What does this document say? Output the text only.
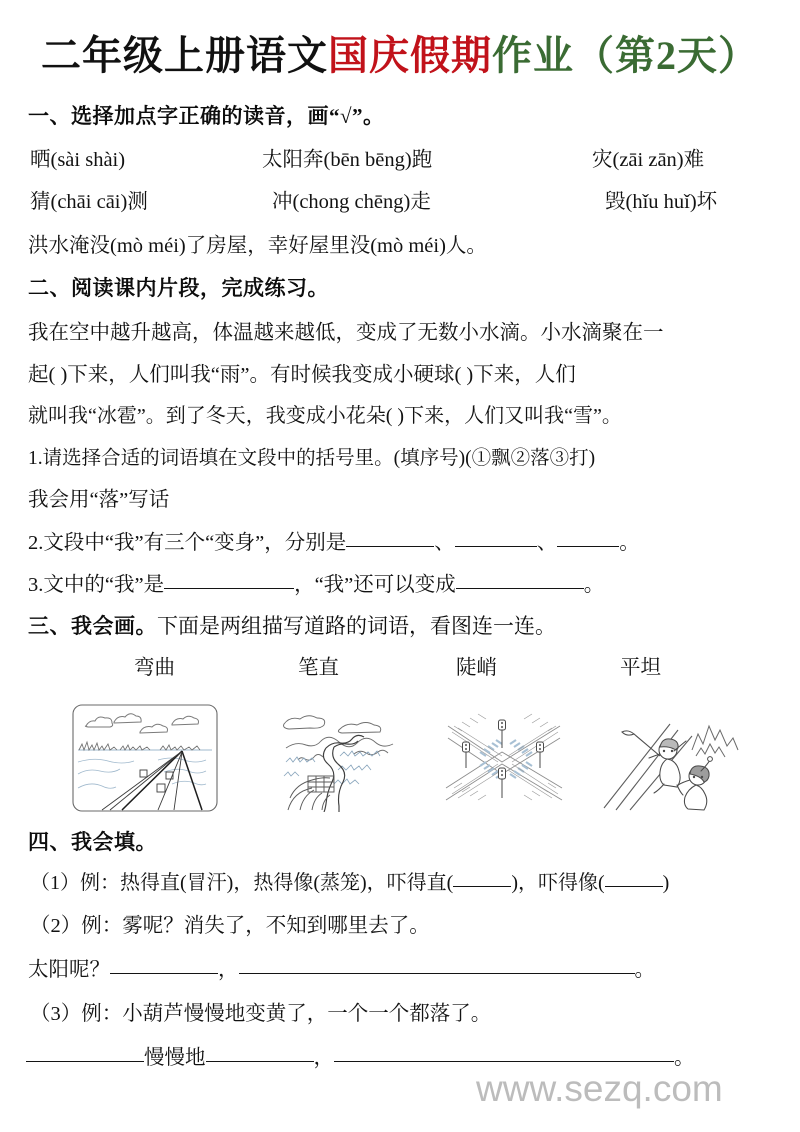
二年级上册语文国庆假期作业（第2天）
一、选择加点字正确的读音，画“√”。
晒(sài shài)	太阳奔(bēn bēng)跑	灾(zāi zān)难
猜(chāi cāi)测	冲(chong chēng)走	毁(hǐu huǐ)坏
洪水淹没(mò méi)了房屋，幸好屋里没(mò méi)人。
二、阅读课内片段，完成练习。
我在空中越升越高，体温越来越低，变成了无数小水滴。小水滴聚在一
起( )下来，人们叫我“雨”。有时候我变成小硬球( )下来，人们
就叫我“冰雹”。到了冬天，我变成小花朵( )下来，人们又叫我“雪”。
1.请选择合适的词语填在文段中的括号里。(填序号)(①飘②落③打)
我会用“落”写话
2.文段中“我”有三个“变身”，分别是	、	、	。
3.文中的“我”是	，“我”还可以变成	。
三、我会画。下面是两组描写道路的词语，看图连一连。
弯曲	笔直	陡峭	平坦
四、我会填。
（1）例：热得直(冒汗)，热得像(蒸笼)，吓得直(	)，吓得像(	)
（2）例：雾呢？消失了，不知到哪里去了。
太阳呢？	，	。
（3）例：小葫芦慢慢地变黄了，一个一个都落了。
慢慢地	，	。
www.sezq.com
